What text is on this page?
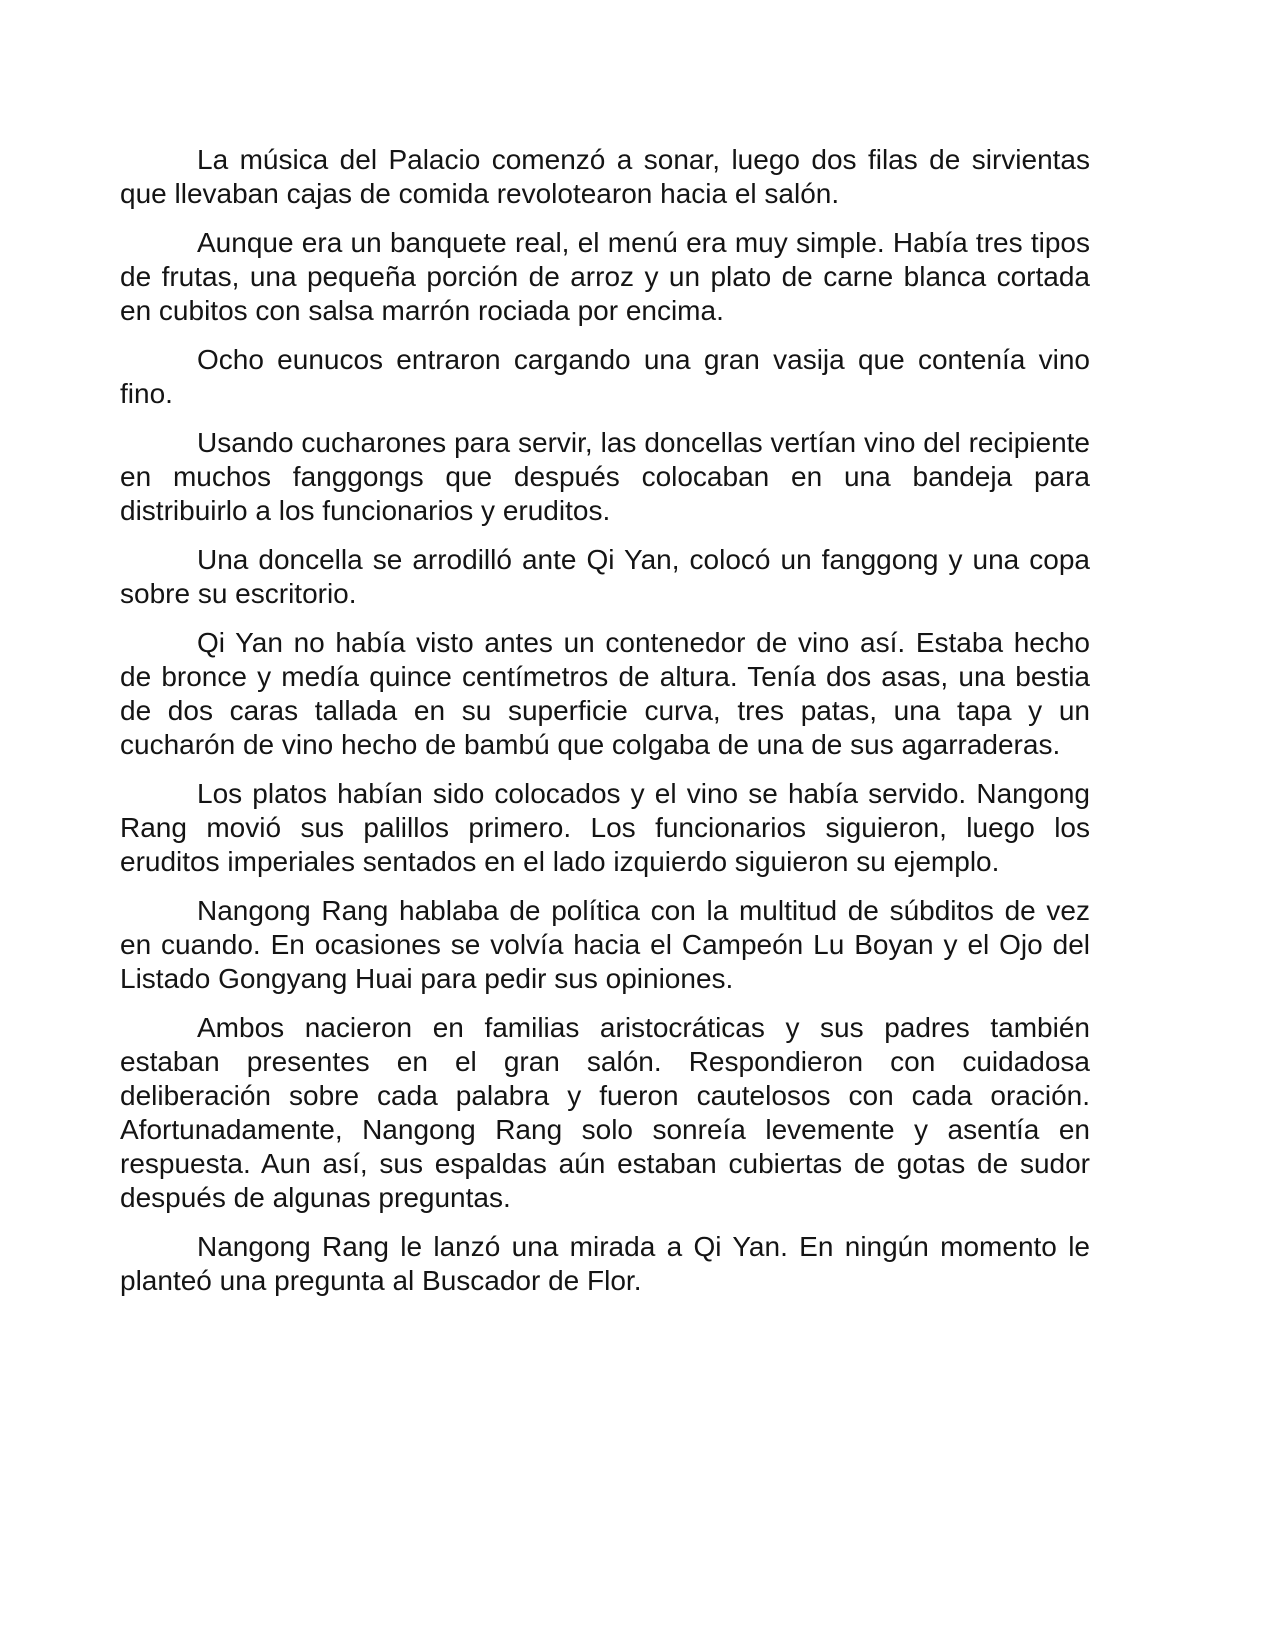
La música del Palacio comenzó a sonar, luego dos filas de sirvientas que llevaban cajas de comida revolotearon hacia el salón.

Aunque era un banquete real, el menú era muy simple. Había tres tipos de frutas, una pequeña porción de arroz y un plato de carne blanca cortada en cubitos con salsa marrón rociada por encima.

Ocho eunucos entraron cargando una gran vasija que contenía vino fino.

Usando cucharones para servir, las doncellas vertían vino del recipiente en muchos fanggongs que después colocaban en una bandeja para distribuirlo a los funcionarios y eruditos.

Una doncella se arrodilló ante Qi Yan, colocó un fanggong y una copa sobre su escritorio.

Qi Yan no había visto antes un contenedor de vino así. Estaba hecho de bronce y medía quince centímetros de altura. Tenía dos asas, una bestia de dos caras tallada en su superficie curva, tres patas, una tapa y un cucharón de vino hecho de bambú que colgaba de una de sus agarraderas.

Los platos habían sido colocados y el vino se había servido. Nangong Rang movió sus palillos primero. Los funcionarios siguieron, luego los eruditos imperiales sentados en el lado izquierdo siguieron su ejemplo.

Nangong Rang hablaba de política con la multitud de súbditos de vez en cuando. En ocasiones se volvía hacia el Campeón Lu Boyan y el Ojo del Listado Gongyang Huai para pedir sus opiniones.

Ambos nacieron en familias aristocráticas y sus padres también estaban presentes en el gran salón. Respondieron con cuidadosa deliberación sobre cada palabra y fueron cautelosos con cada oración. Afortunadamente, Nangong Rang solo sonreía levemente y asentía en respuesta. Aun así, sus espaldas aún estaban cubiertas de gotas de sudor después de algunas preguntas.

Nangong Rang le lanzó una mirada a Qi Yan. En ningún momento le planteó una pregunta al Buscador de Flor.
